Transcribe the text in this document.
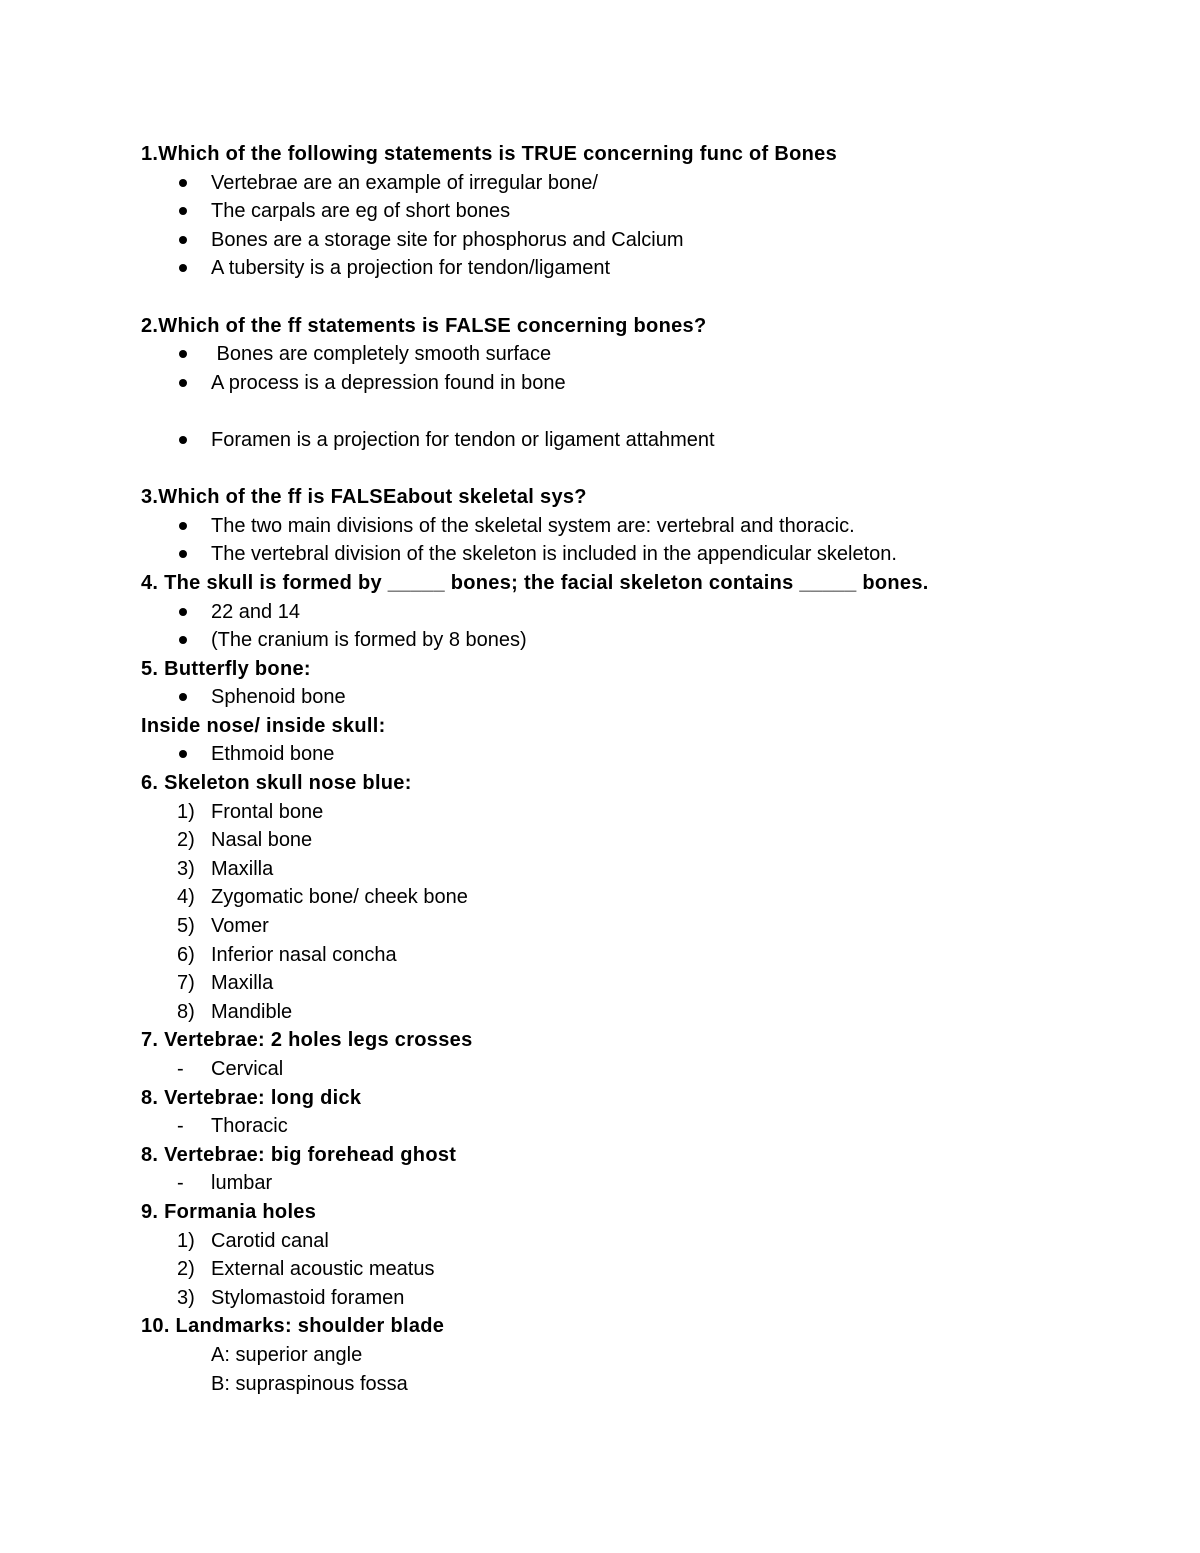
1.Which of the following statements is TRUE concerning func of Bones
Vertebrae are an example of irregular bone/
The carpals are eg of short bones
Bones are a storage site for phosphorus and Calcium
A tubersity is a projection for tendon/ligament
2.Which of the ff statements is FALSE concerning bones?
Bones are completely smooth surface
A process is a depression found in bone
Foramen is a projection for tendon or ligament attahment
3.Which of the ff is FALSEabout skeletal sys?
The two main divisions of the skeletal system are: vertebral and thoracic.
The vertebral division of the skeleton is included in the appendicular skeleton.
4. The skull is formed by _____ bones; the facial skeleton contains _____ bones.
22 and 14
(The cranium is formed by 8 bones)
5. Butterfly bone:
Sphenoid bone
Inside nose/ inside skull:
Ethmoid bone
6. Skeleton skull nose blue:
1) Frontal bone
2) Nasal bone
3) Maxilla
4) Zygomatic bone/ cheek bone
5) Vomer
6) Inferior nasal concha
7) Maxilla
8) Mandible
7. Vertebrae: 2 holes legs crosses
- Cervical
8. Vertebrae: long dick
- Thoracic
8. Vertebrae: big forehead ghost
- lumbar
9. Formania holes
1) Carotid canal
2) External acoustic meatus
3) Stylomastoid foramen
10. Landmarks: shoulder blade
A: superior angle
B: supraspinous fossa
